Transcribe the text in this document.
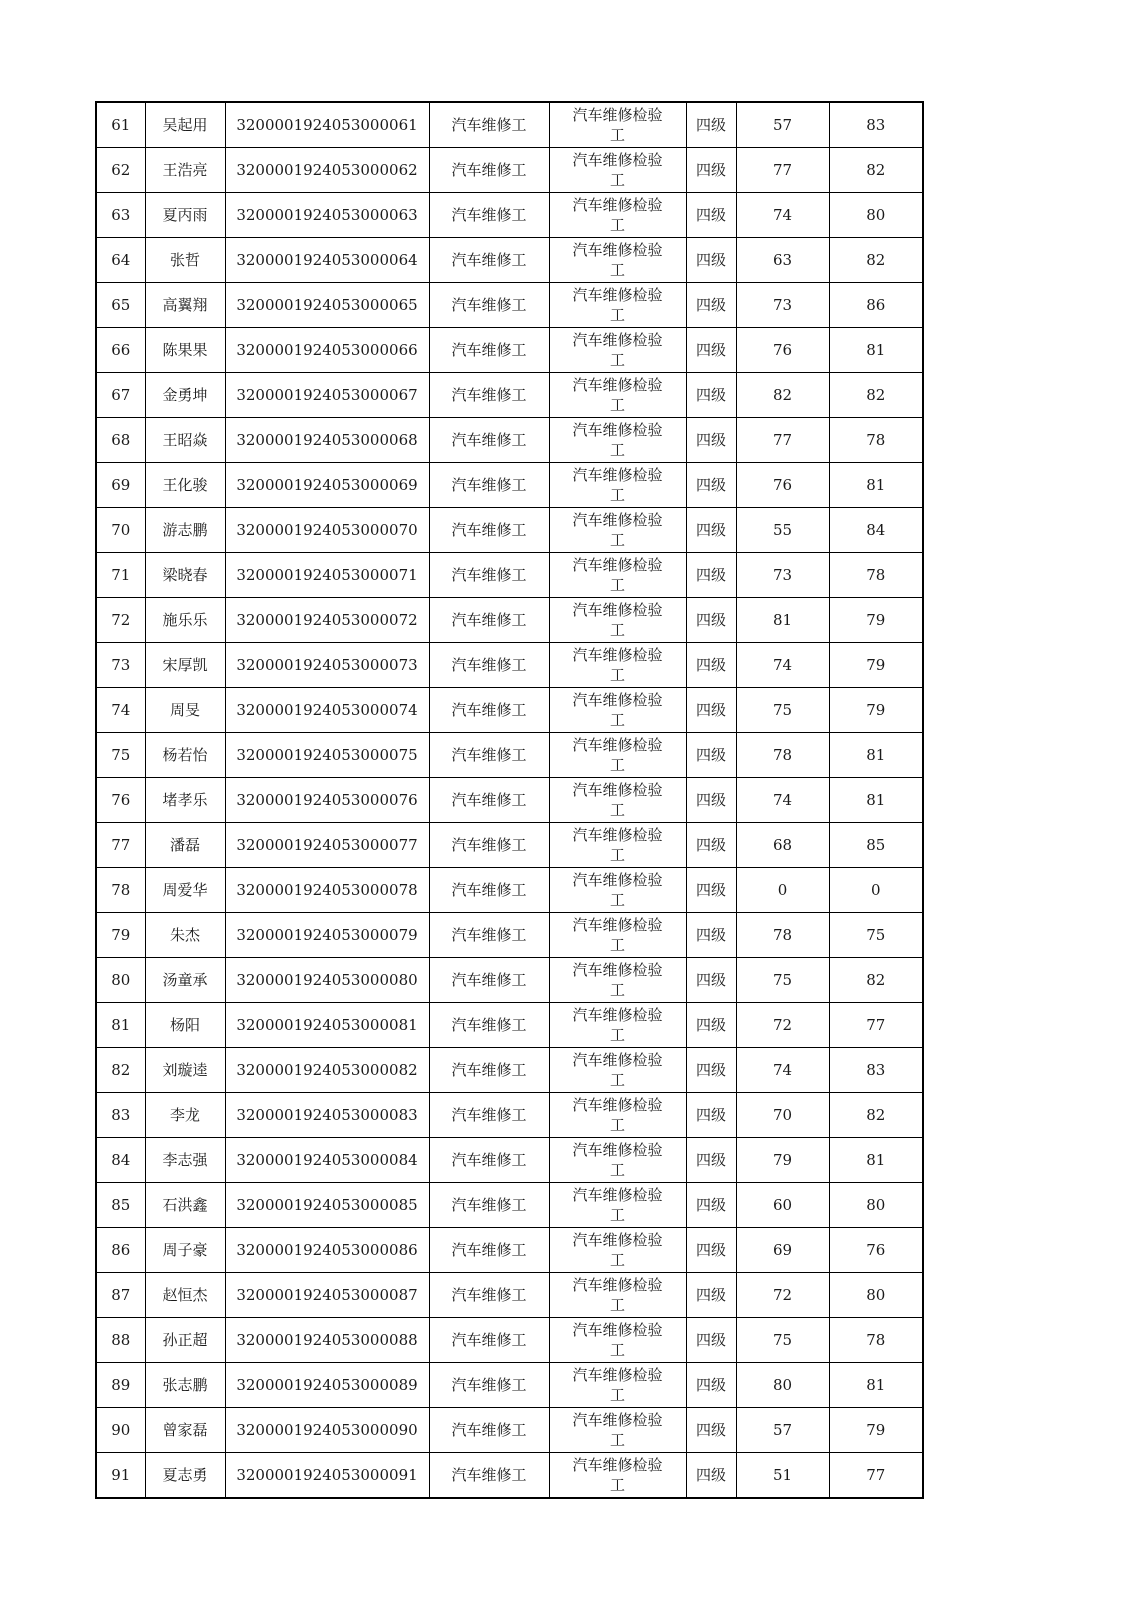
61	吴起用	3200001924053000061	汽车维修工	汽车维修检验
工	四级	57	83
62	王浩亮	3200001924053000062	汽车维修工	汽车维修检验
工	四级	77	82
63	夏丙雨	3200001924053000063	汽车维修工	汽车维修检验
工	四级	74	80
64	张哲	3200001924053000064	汽车维修工	汽车维修检验
工	四级	63	82
65	高翼翔	3200001924053000065	汽车维修工	汽车维修检验
工	四级	73	86
66	陈果果	3200001924053000066	汽车维修工	汽车维修检验
工	四级	76	81
67	金勇坤	3200001924053000067	汽车维修工	汽车维修检验
工	四级	82	82
68	王昭焱	3200001924053000068	汽车维修工	汽车维修检验
工	四级	77	78
69	王化骏	3200001924053000069	汽车维修工	汽车维修检验
工	四级	76	81
70	游志鹏	3200001924053000070	汽车维修工	汽车维修检验
工	四级	55	84
71	梁晓春	3200001924053000071	汽车维修工	汽车维修检验
工	四级	73	78
72	施乐乐	3200001924053000072	汽车维修工	汽车维修检验
工	四级	81	79
73	宋厚凯	3200001924053000073	汽车维修工	汽车维修检验
工	四级	74	79
74	周旻	3200001924053000074	汽车维修工	汽车维修检验
工	四级	75	79
75	杨若怡	3200001924053000075	汽车维修工	汽车维修检验
工	四级	78	81
76	堵孝乐	3200001924053000076	汽车维修工	汽车维修检验
工	四级	74	81
77	潘磊	3200001924053000077	汽车维修工	汽车维修检验
工	四级	68	85
78	周爱华	3200001924053000078	汽车维修工	汽车维修检验
工	四级	0	0
79	朱杰	3200001924053000079	汽车维修工	汽车维修检验
工	四级	78	75
80	汤童承	3200001924053000080	汽车维修工	汽车维修检验
工	四级	75	82
81	杨阳	3200001924053000081	汽车维修工	汽车维修检验
工	四级	72	77
82	刘璇逵	3200001924053000082	汽车维修工	汽车维修检验
工	四级	74	83
83	李龙	3200001924053000083	汽车维修工	汽车维修检验
工	四级	70	82
84	李志强	3200001924053000084	汽车维修工	汽车维修检验
工	四级	79	81
85	石洪鑫	3200001924053000085	汽车维修工	汽车维修检验
工	四级	60	80
86	周子豪	3200001924053000086	汽车维修工	汽车维修检验
工	四级	69	76
87	赵恒杰	3200001924053000087	汽车维修工	汽车维修检验
工	四级	72	80
88	孙正超	3200001924053000088	汽车维修工	汽车维修检验
工	四级	75	78
89	张志鹏	3200001924053000089	汽车维修工	汽车维修检验
工	四级	80	81
90	曾家磊	3200001924053000090	汽车维修工	汽车维修检验
工	四级	57	79
91	夏志勇	3200001924053000091	汽车维修工	汽车维修检验
工	四级	51	77
